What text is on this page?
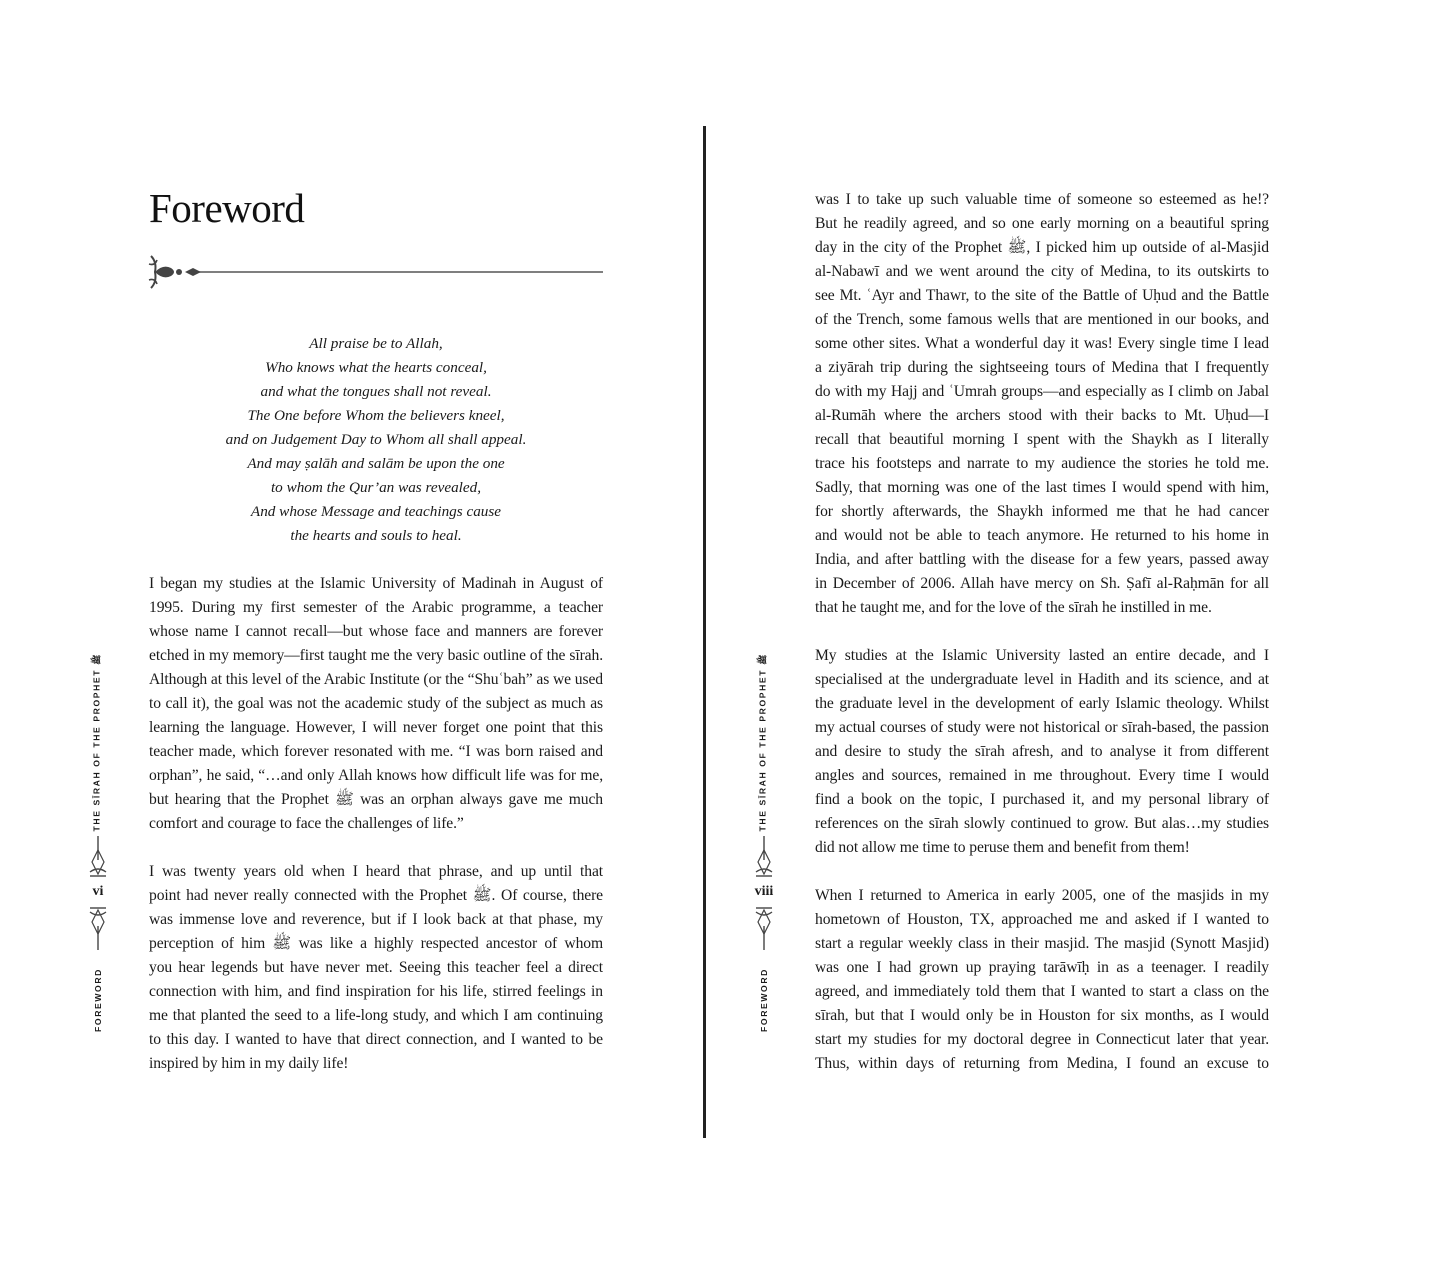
Foreword
All praise be to Allah,
Who knows what the hearts conceal,
and what the tongues shall not reveal.
The One before Whom the believers kneel,
and on Judgement Day to Whom all shall appeal.
And may ṣalāh and salām be upon the one
to whom the Qur’an was revealed,
And whose Message and teachings cause
the hearts and souls to heal.
I began my studies at the Islamic University of Madinah in August of
1995. During my first semester of the Arabic programme, a teacher
whose name I cannot recall—but whose face and manners are forever
etched in my memory—first taught me the very basic outline of the sīrah.
Although at this level of the Arabic Institute (or the “Shuʿbah” as we used
to call it), the goal was not the academic study of the subject as much as
learning the language. However, I will never forget one point that this
teacher made, which forever resonated with me. “I was born raised and
orphan”, he said, “…and only Allah knows how difficult life was for me,
but hearing that the Prophet ﷺ was an orphan always gave me much
comfort and courage to face the challenges of life.”
I was twenty years old when I heard that phrase, and up until that
point had never really connected with the Prophet ﷺ. Of course, there
was immense love and reverence, but if I look back at that phase, my
perception of him ﷺ was like a highly respected ancestor of whom
you hear legends but have never met. Seeing this teacher feel a direct
connection with him, and find inspiration for his life, stirred feelings in
me that planted the seed to a life-long study, and which I am continuing
to this day. I wanted to have that direct connection, and I wanted to be
inspired by him in my daily life!
THE SĪRAH OF THE PROPHET ﷺ
vi
FOREWORD
was I to take up such valuable time of someone so esteemed as he!?
But he readily agreed, and so one early morning on a beautiful spring
day in the city of the Prophet ﷺ, I picked him up outside of al-Masjid
al-Nabawī and we went around the city of Medina, to its outskirts to
see Mt. ʿAyr and Thawr, to the site of the Battle of Uḥud and the Battle
of the Trench, some famous wells that are mentioned in our books, and
some other sites. What a wonderful day it was! Every single time I lead
a ziyārah trip during the sightseeing tours of Medina that I frequently
do with my Hajj and ʿUmrah groups—and especially as I climb on Jabal
al-Rumāh where the archers stood with their backs to Mt. Uḥud—I
recall that beautiful morning I spent with the Shaykh as I literally
trace his footsteps and narrate to my audience the stories he told me.
Sadly, that morning was one of the last times I would spend with him,
for shortly afterwards, the Shaykh informed me that he had cancer
and would not be able to teach anymore. He returned to his home in
India, and after battling with the disease for a few years, passed away
in December of 2006. Allah have mercy on Sh. Ṣafī al-Raḥmān for all
that he taught me, and for the love of the sīrah he instilled in me.
My studies at the Islamic University lasted an entire decade, and I
specialised at the undergraduate level in Hadith and its science, and at
the graduate level in the development of early Islamic theology. Whilst
my actual courses of study were not historical or sīrah-based, the passion
and desire to study the sīrah afresh, and to analyse it from different
angles and sources, remained in me throughout. Every time I would
find a book on the topic, I purchased it, and my personal library of
references on the sīrah slowly continued to grow. But alas…my studies
did not allow me time to peruse them and benefit from them!
When I returned to America in early 2005, one of the masjids in my
hometown of Houston, TX, approached me and asked if I wanted to
start a regular weekly class in their masjid. The masjid (Synott Masjid)
was one I had grown up praying tarāwīḥ in as a teenager. I readily
agreed, and immediately told them that I wanted to start a class on the
sīrah, but that I would only be in Houston for six months, as I would
start my studies for my doctoral degree in Connecticut later that year.
Thus, within days of returning from Medina, I found an excuse to
THE SĪRAH OF THE PROPHET ﷺ
viii
FOREWORD
